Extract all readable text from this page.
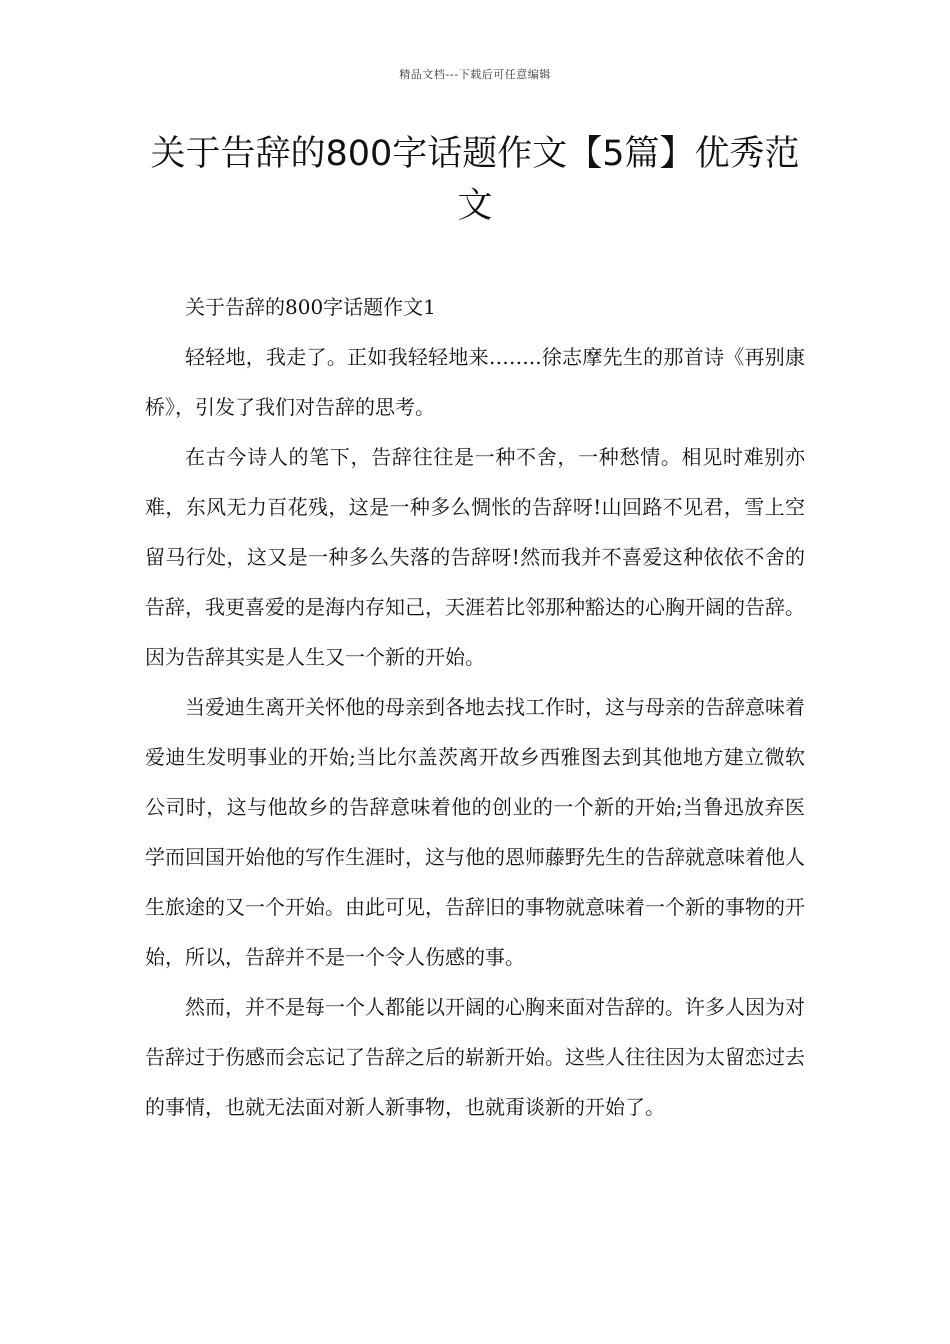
精品文档---下载后可任意编辑
关于告辞的800字话题作文【5篇】优秀范文

关于告辞的800字话题作文1

轻轻地，我走了。正如我轻轻地来……..徐志摩先生的那首诗《再别康桥》，引发了我们对告辞的思考。

在古今诗人的笔下，告辞往往是一种不舍，一种愁情。相见时难别亦难，东风无力百花残，这是一种多么惆怅的告辞呀!山回路不见君，雪上空留马行处，这又是一种多么失落的告辞呀!然而我并不喜爱这种依依不舍的告辞，我更喜爱的是海内存知己，天涯若比邻那种豁达的心胸开阔的告辞。因为告辞其实是人生又一个新的开始。

当爱迪生离开关怀他的母亲到各地去找工作时，这与母亲的告辞意味着爱迪生发明事业的开始;当比尔盖茨离开故乡西雅图去到其他地方建立微软公司时，这与他故乡的告辞意味着他的创业的一个新的开始;当鲁迅放弃医学而回国开始他的写作生涯时，这与他的恩师藤野先生的告辞就意味着他人生旅途的又一个开始。由此可见，告辞旧的事物就意味着一个新的事物的开始，所以，告辞并不是一个令人伤感的事。

然而，并不是每一个人都能以开阔的心胸来面对告辞的。许多人因为对告辞过于伤感而会忘记了告辞之后的崭新开始。这些人往往因为太留恋过去的事情，也就无法面对新人新事物，也就甭谈新的开始了。
